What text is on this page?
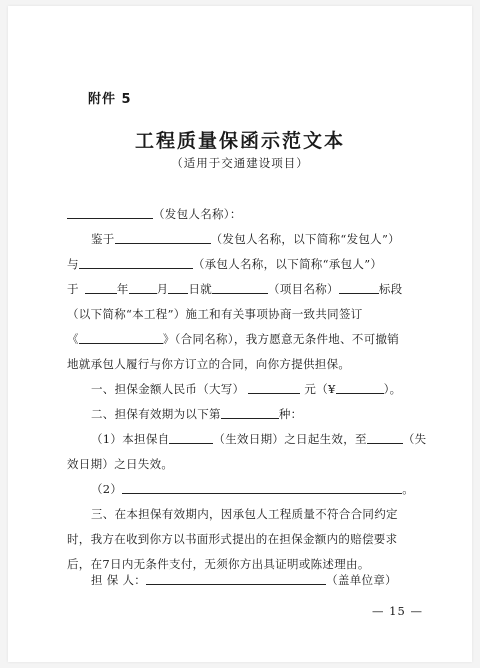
附件 5
工程质量保函示范文本
（适用于交通建设项目）
（发包人名称）：
鉴于	（发包人名称，以下简称“发包人”）
与	（承包人名称，以下简称“承包人”）
于	年 月 日就	（项目名称）	标段
（以下简称“本工程”）施工和有关事项协商一致共同签订
《	》（合同名称），我方愿意无条件地、不可撤销
地就承包人履行与你方订立的合同，向你方提供担保。
一、担保金额人民币（大写）	元（¥	）。
二、担保有效期为以下第	种：
（1）本担保自	（生效日期）之日起生效，至	（失
效日期）之日失效。
（2）	。
三、在本担保有效期内，因承包人工程质量不符合合同约定
时，我方在收到你方以书面形式提出的在担保金额内的赔偿要求
后，在7日内无条件支付，无须你方出具证明或陈述理由。
担 保 人：	（盖单位章）
— 15 —
